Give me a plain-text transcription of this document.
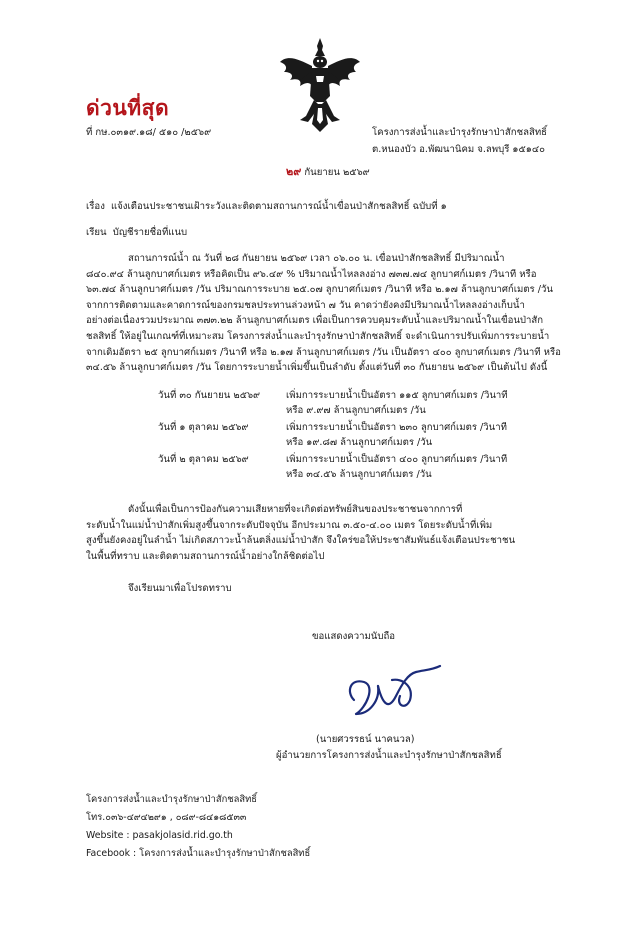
ด่วนที่สุด
ที่ กษ.๐๓๑๙.๑๘/ ๕๑๐ /๒๕๖๙	โครงการส่งน้ำและบำรุงรักษาป่าสักชลสิทธิ์
ต.หนองบัว อ.พัฒนานิคม จ.ลพบุรี ๑๕๑๔๐
๒๙ กันยายน ๒๕๖๙
เรื่อง แจ้งเตือนประชาชนเฝ้าระวังและติดตามสถานการณ์น้ำเขื่อนป่าสักชลสิทธิ์ ฉบับที่ ๑
เรียน บัญชีรายชื่อที่แนบ
สถานการณ์น้ำ ณ วันที่ ๒๘ กันยายน ๒๕๖๙ เวลา ๐๖.๐๐ น. เขื่อนป่าสักชลสิทธิ์ มีปริมาณน้ำ
๘๔๐.๙๔ ล้านลูกบาศก์เมตร หรือคิดเป็น ๙๖.๔๙ % ปริมาณน้ำไหลลงอ่าง ๗๓๗.๗๔ ลูกบาศก์เมตร /วินาที หรือ
๖๓.๗๔ ล้านลูกบาศก์เมตร /วัน ปริมาณการระบาย ๒๕.๐๗ ลูกบาศก์เมตร /วินาที หรือ ๒.๑๗ ล้านลูกบาศก์เมตร /วัน
จากการติดตามและคาดการณ์ของกรมชลประทานล่วงหน้า ๗ วัน คาดว่ายังคงมีปริมาณน้ำไหลลงอ่างเก็บน้ำ
อย่างต่อเนื่องรวมประมาณ ๓๗๓.๒๒ ล้านลูกบาศก์เมตร เพื่อเป็นการควบคุมระดับน้ำและปริมาณน้ำในเขื่อนป่าสัก
ชลสิทธิ์ ให้อยู่ในเกณฑ์ที่เหมาะสม โครงการส่งน้ำและบำรุงรักษาป่าสักชลสิทธิ์ จะดำเนินการปรับเพิ่มการระบายน้ำ
จากเดิมอัตรา ๒๕ ลูกบาศก์เมตร /วินาที หรือ ๒.๑๗ ล้านลูกบาศก์เมตร /วัน เป็นอัตรา ๔๐๐ ลูกบาศก์เมตร /วินาที หรือ
๓๔.๕๖ ล้านลูกบาศก์เมตร /วัน โดยการระบายน้ำเพิ่มขึ้นเป็นลำดับ ตั้งแต่วันที่ ๓๐ กันยายน ๒๕๖๙ เป็นต้นไป ดังนี้
วันที่ ๓๐ กันยายน ๒๕๖๙	เพิ่มการระบายน้ำเป็นอัตรา ๑๑๕ ลูกบาศก์เมตร /วินาที
หรือ ๙.๙๗ ล้านลูกบาศก์เมตร /วัน
วันที่ ๑ ตุลาคม ๒๕๖๙	เพิ่มการระบายน้ำเป็นอัตรา ๒๓๐ ลูกบาศก์เมตร /วินาที
หรือ ๑๙.๘๗ ล้านลูกบาศก์เมตร /วัน
วันที่ ๒ ตุลาคม ๒๕๖๙	เพิ่มการระบายน้ำเป็นอัตรา ๔๐๐ ลูกบาศก์เมตร /วินาที
หรือ ๓๔.๕๖ ล้านลูกบาศก์เมตร /วัน
ดังนั้นเพื่อเป็นการป้องกันความเสียหายที่จะเกิดต่อทรัพย์สินของประชาชนจากการที่
ระดับน้ำในแม่น้ำป่าสักเพิ่มสูงขึ้นจากระดับปัจจุบัน อีกประมาณ ๓.๕๐-๔.๐๐ เมตร โดยระดับน้ำที่เพิ่ม
สูงขึ้นยังคงอยู่ในลำน้ำ ไม่เกิดสภาวะน้ำล้นตลิ่งแม่น้ำป่าสัก จึงใคร่ขอให้ประชาสัมพันธ์แจ้งเตือนประชาชน
ในพื้นที่ทราบ และติดตามสถานการณ์น้ำอย่างใกล้ชิดต่อไป
จึงเรียนมาเพื่อโปรดทราบ
ขอแสดงความนับถือ
(นายศวรรธน์ นาคนวล)
ผู้อำนวยการโครงการส่งน้ำและบำรุงรักษาป่าสักชลสิทธิ์
โครงการส่งน้ำและบำรุงรักษาป่าสักชลสิทธิ์
โทร.๐๓๖-๔๙๔๒๙๑ , ๐๘๙-๘๔๑๘๕๓๓
Website : pasakjolasid.rid.go.th
Facebook : โครงการส่งน้ำและบำรุงรักษาป่าสักชลสิทธิ์
